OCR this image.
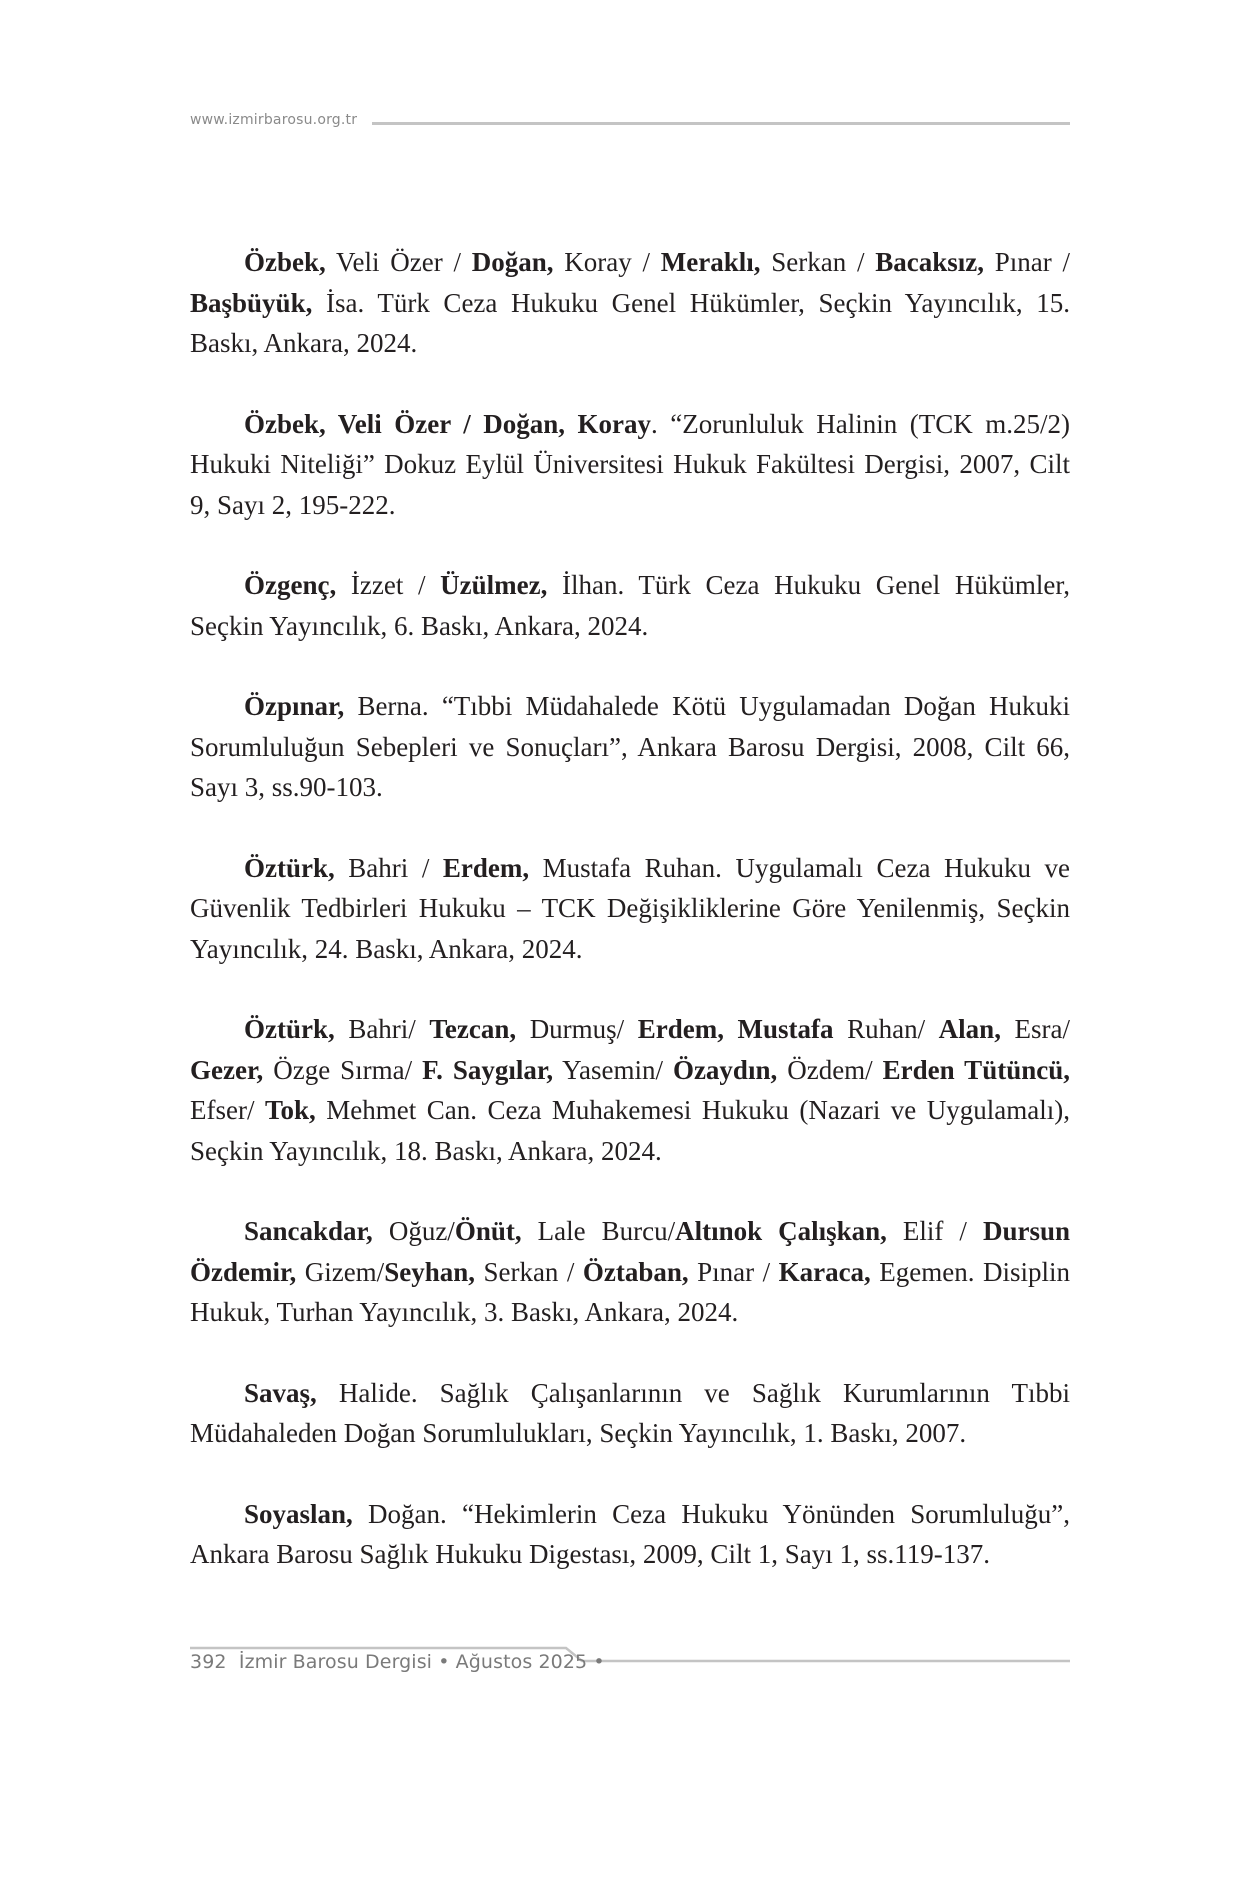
www.izmirbarosu.org.tr

Özbek, Veli Özer / Doğan, Koray / Meraklı, Serkan / Bacaksız, Pınar / Başbüyük, İsa. Türk Ceza Hukuku Genel Hükümler, Seçkin Yayıncılık, 15. Baskı, Ankara, 2024.

Özbek, Veli Özer / Doğan, Koray. “Zorunluluk Halinin (TCK m.25/2) Hukuki Niteliği” Dokuz Eylül Üniversitesi Hukuk Fakültesi Dergisi, 2007, Cilt 9, Sayı 2, 195-222.

Özgenç, İzzet / Üzülmez, İlhan. Türk Ceza Hukuku Genel Hükümler, Seçkin Yayıncılık, 6. Baskı, Ankara, 2024.

Özpınar, Berna. “Tıbbi Müdahalede Kötü Uygulamadan Doğan Hukuki Sorumluluğun Sebepleri ve Sonuçları”, Ankara Barosu Dergisi, 2008, Cilt 66, Sayı 3, ss.90-103.

Öztürk, Bahri / Erdem, Mustafa Ruhan. Uygulamalı Ceza Hukuku ve Güvenlik Tedbirleri Hukuku – TCK Değişikliklerine Göre Yenilenmiş, Seçkin Yayıncılık, 24. Baskı, Ankara, 2024.

Öztürk, Bahri/ Tezcan, Durmuş/ Erdem, Mustafa Ruhan/ Alan, Esra/ Gezer, Özge Sırma/ F. Saygılar, Yasemin/ Özaydın, Özdem/ Erden Tütüncü, Efser/ Tok, Mehmet Can. Ceza Muhakemesi Hukuku (Nazari ve Uygulamalı), Seçkin Yayıncılık, 18. Baskı, Ankara, 2024.

Sancakdar, Oğuz/Önüt, Lale Burcu/Altınok Çalışkan, Elif / Dursun Özdemir, Gizem/Seyhan, Serkan / Öztaban, Pınar / Karaca, Egemen. Disiplin Hukuk, Turhan Yayıncılık, 3. Baskı, Ankara, 2024.

Savaş, Halide. Sağlık Çalışanlarının ve Sağlık Kurumlarının Tıbbi Müdahaleden Doğan Sorumlulukları, Seçkin Yayıncılık, 1. Baskı, 2007.

Soyaslan, Doğan. “Hekimlerin Ceza Hukuku Yönünden Sorumluluğu”, Ankara Barosu Sağlık Hukuku Digestası, 2009, Cilt 1, Sayı 1, ss.119-137.

392 İzmir Barosu Dergisi • Ağustos 2025 •
